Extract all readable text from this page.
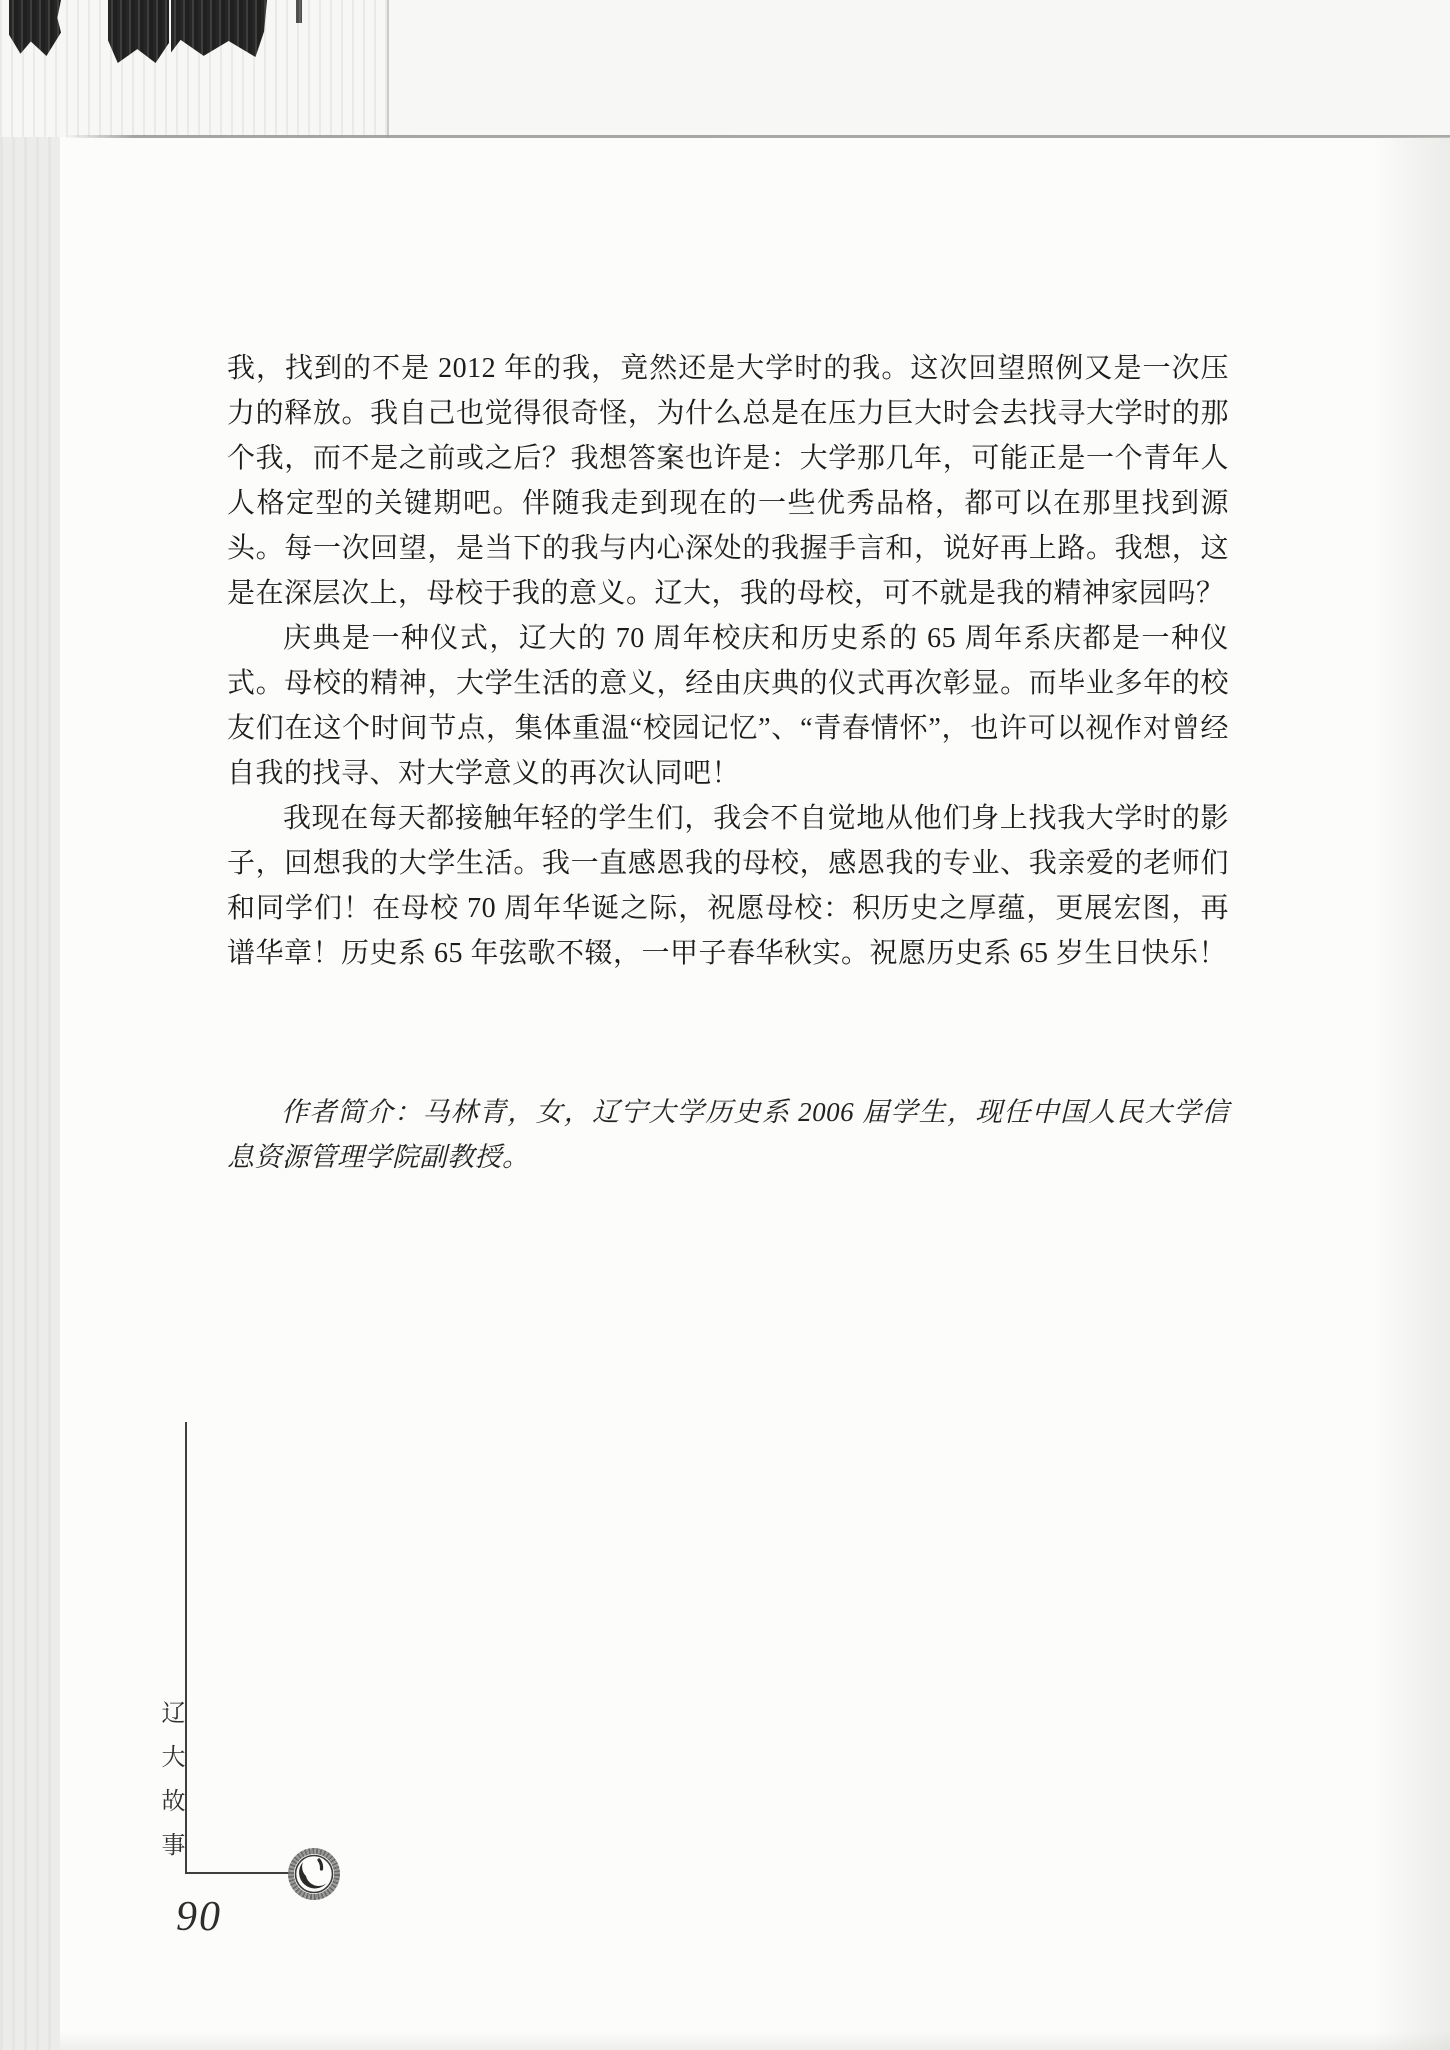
我，找到的不是 2012 年的我，竟然还是大学时的我。这次回望照例又是一次压力的释放。我自己也觉得很奇怪，为什么总是在压力巨大时会去找寻大学时的那个我，而不是之前或之后？我想答案也许是：大学那几年，可能正是一个青年人人格定型的关键期吧。伴随我走到现在的一些优秀品格，都可以在那里找到源头。每一次回望，是当下的我与内心深处的我握手言和，说好再上路。我想，这是在深层次上，母校于我的意义。辽大，我的母校，可不就是我的精神家园吗？

庆典是一种仪式，辽大的 70 周年校庆和历史系的 65 周年系庆都是一种仪式。母校的精神，大学生活的意义，经由庆典的仪式再次彰显。而毕业多年的校友们在这个时间节点，集体重温“校园记忆”、“青春情怀”，也许可以视作对曾经自我的找寻、对大学意义的再次认同吧！

我现在每天都接触年轻的学生们，我会不自觉地从他们身上找我大学时的影子，回想我的大学生活。我一直感恩我的母校，感恩我的专业、我亲爱的老师们和同学们！在母校 70 周年华诞之际，祝愿母校：积历史之厚蕴，更展宏图，再谱华章！历史系 65 年弦歌不辍，一甲子春华秋实。祝愿历史系 65 岁生日快乐！

作者简介：马林青，女，辽宁大学历史系 2006 届学生，现任中国人民大学信息资源管理学院副教授。
辽大故事
90
